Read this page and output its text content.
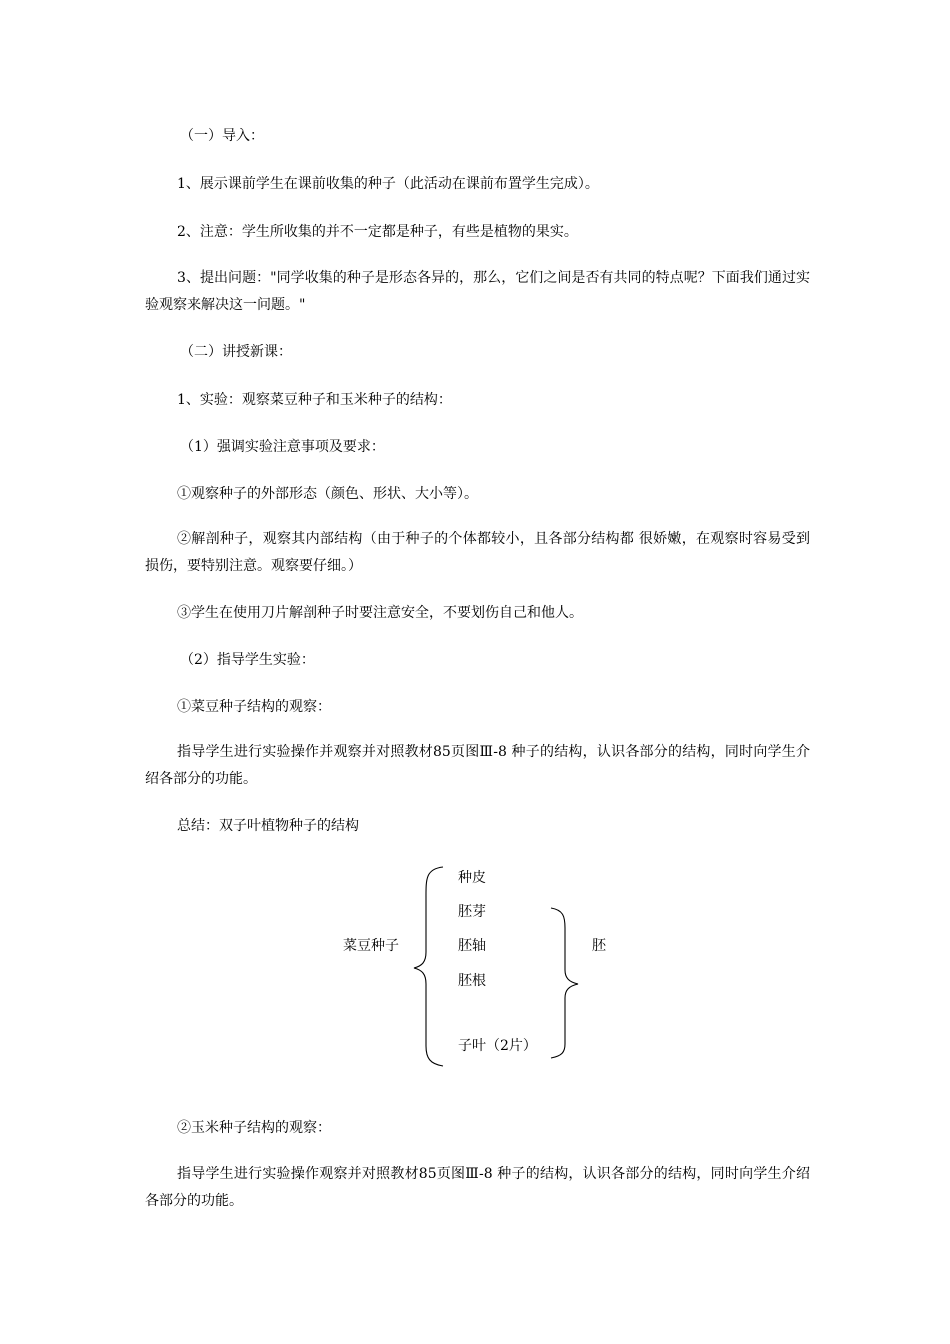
（一）导入：
1、展示课前学生在课前收集的种子（此活动在课前布置学生完成）。
2、注意：学生所收集的并不一定都是种子，有些是植物的果实。
3、提出问题："同学收集的种子是形态各异的，那么，它们之间是否有共同的特点呢？下面我们通过实验观察来解决这一问题。"
（二）讲授新课：
1、实验：观察菜豆种子和玉米种子的结构：
（1）强调实验注意事项及要求：
①观察种子的外部形态（颜色、形状、大小等）。
②解剖种子，观察其内部结构（由于种子的个体都较小，且各部分结构都 很娇嫩，在观察时容易受到损伤，要特别注意。观察要仔细。）
③学生在使用刀片解剖种子时要注意安全，不要划伤自己和他人。
（2）指导学生实验：
①菜豆种子结构的观察：
指导学生进行实验操作并观察并对照教材85页图Ⅲ-8 种子的结构，认识各部分的结构，同时向学生介绍各部分的功能。
总结：双子叶植物种子的结构
菜豆种子
种皮
胚芽
胚轴
胚根
子叶（2片）
胚
②玉米种子结构的观察：
指导学生进行实验操作观察并对照教材85页图Ⅲ-8 种子的结构，认识各部分的结构，同时向学生介绍各部分的功能。
